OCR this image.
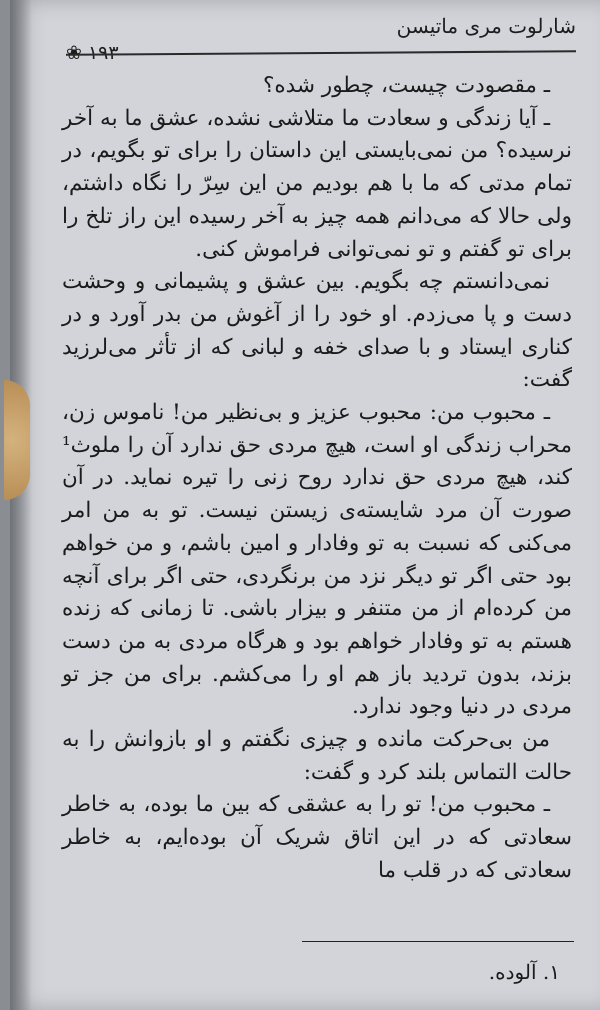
شارلوت مری ماتیسن
۱۹۳ ❀

ـ مقصودت چیست، چطور شده؟

ـ آیا زندگی و سعادت ما متلاشی نشده، عشق ما به آخر نرسیده؟ من نمی‌بایستی این داستان را برای تو بگویم، در تمام مدتی که ما با هم بودیم من این سِرّ را نگاه داشتم، ولی حالا که می‌دانم همه چیز به آخر رسیده این راز تلخ را برای تو گفتم و تو نمی‌توانی فراموش کنی.

نمی‌دانستم چه بگویم. بین عشق و پشیمانی و وحشت دست و پا می‌زدم. او خود را از آغوش من بدر آورد و در کناری ایستاد و با صدای خفه و لبانی که از تأثر می‌لرزید گفت:

ـ محبوب من: محبوب عزیز و بی‌نظیر من! ناموس زن، محراب زندگی او است، هیچ مردی حق ندارد آن را ملوث¹ کند، هیچ مردی حق ندارد روح زنی را تیره نماید. در آن صورت آن مرد شایسته‌ی زیستن نیست. تو به من امر می‌کنی که نسبت به تو وفادار و امین باشم، و من خواهم بود حتی اگر تو دیگر نزد من برنگردی، حتی اگر برای آنچه من کرده‌ام از من متنفر و بیزار باشی. تا زمانی که زنده هستم به تو وفادار خواهم بود و هرگاه مردی به من دست بزند، بدون تردید باز هم او را می‌کشم. برای من جز تو مردی در دنیا وجود ندارد.

من بی‌حرکت مانده و چیزی نگفتم و او بازوانش را به حالت التماس بلند کرد و گفت:

ـ محبوب من! تو را به عشقی که بین ما بوده، به خاطر سعادتی که در این اتاق شریک آن بوده‌ایم، به خاطر سعادتی که در قلب ما

۱. آلوده.
